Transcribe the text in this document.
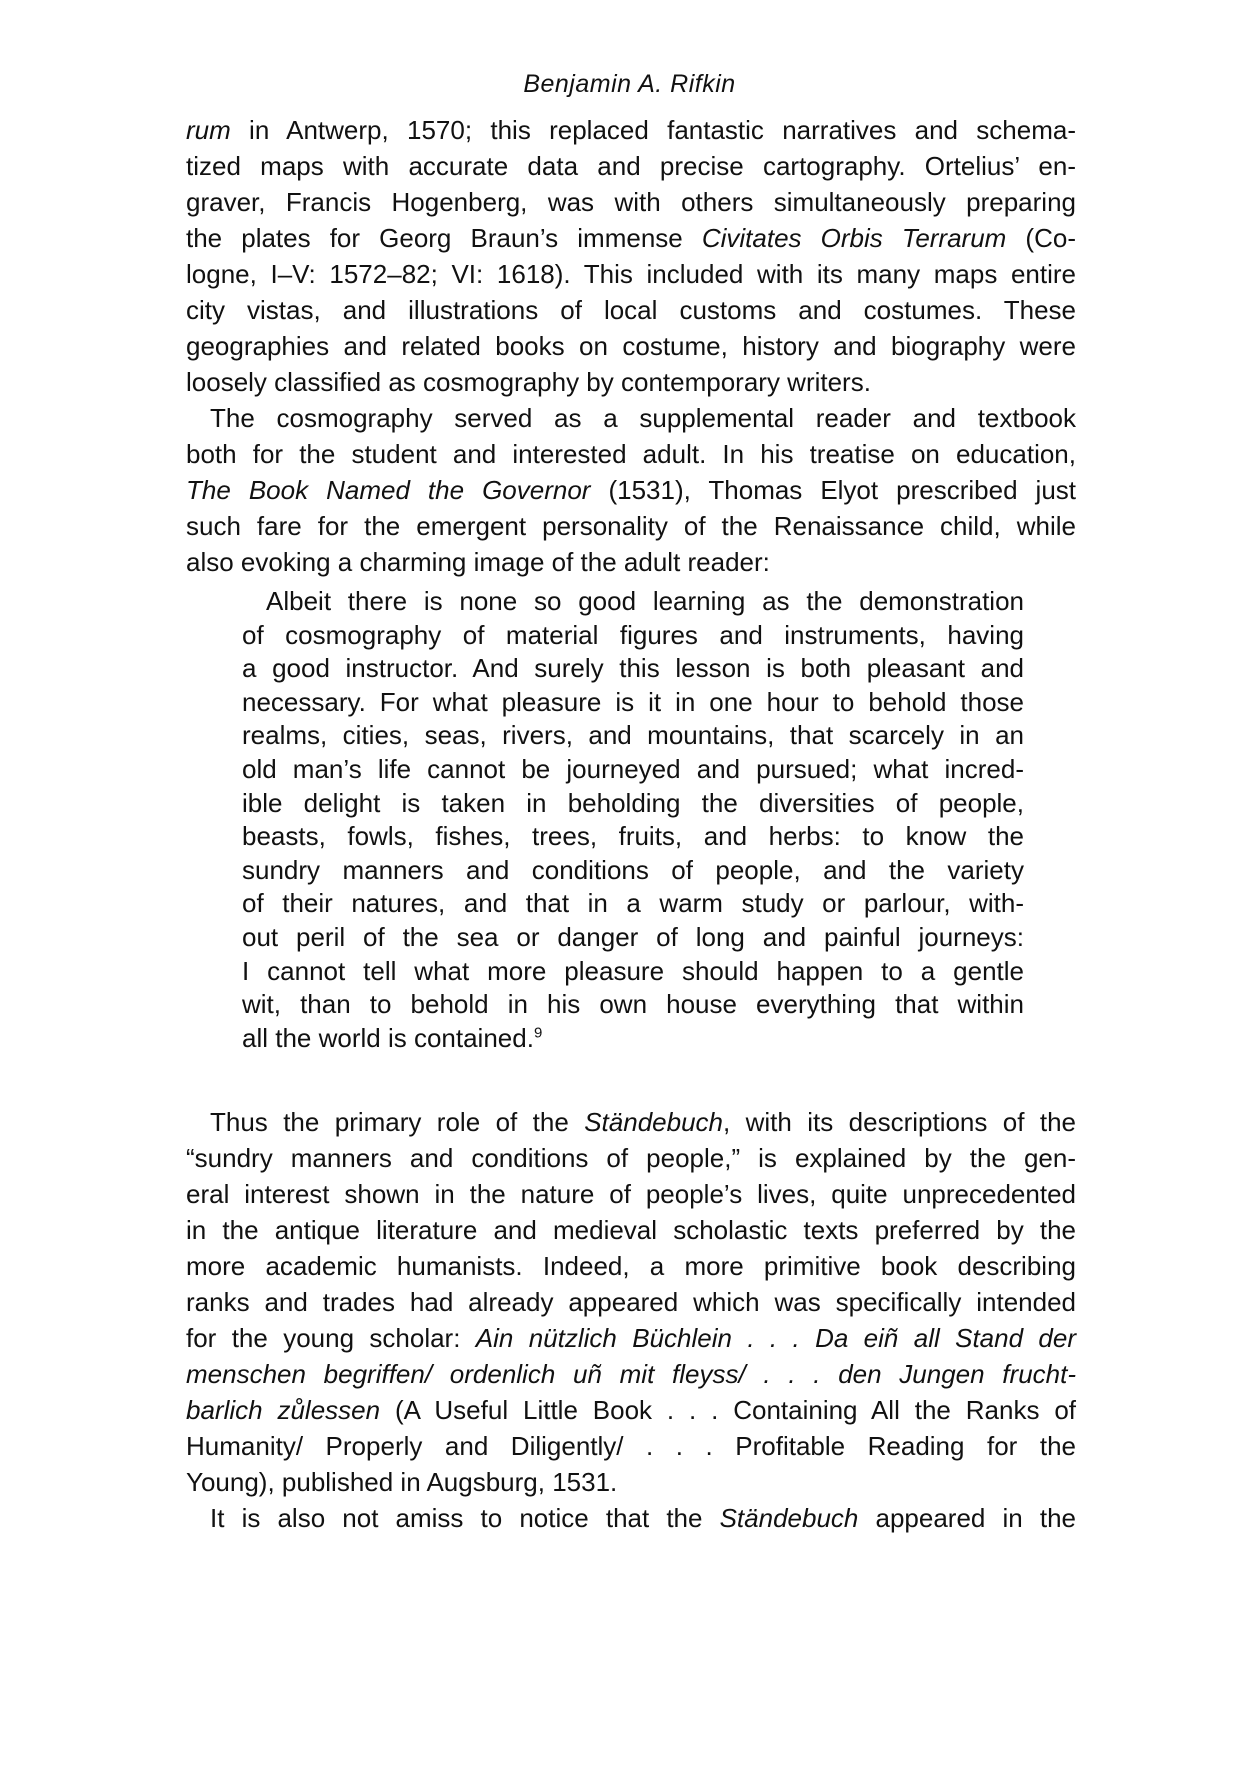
Benjamin A. Rifkin
rum in Antwerp, 1570; this replaced fantastic narratives and schema-
tized maps with accurate data and precise cartography. Ortelius’ en-
graver, Francis Hogenberg, was with others simultaneously preparing
the plates for Georg Braun’s immense Civitates Orbis Terrarum (Co-
logne, I–V: 1572–82; VI: 1618). This included with its many maps entire
city vistas, and illustrations of local customs and costumes. These
geographies and related books on costume, history and biography were
loosely classified as cosmography by contemporary writers.
The cosmography served as a supplemental reader and textbook
both for the student and interested adult. In his treatise on education,
The Book Named the Governor (1531), Thomas Elyot prescribed just
such fare for the emergent personality of the Renaissance child, while
also evoking a charming image of the adult reader:
Albeit there is none so good learning as the demonstration
of cosmography of material figures and instruments, having
a good instructor. And surely this lesson is both pleasant and
necessary. For what pleasure is it in one hour to behold those
realms, cities, seas, rivers, and mountains, that scarcely in an
old man’s life cannot be journeyed and pursued; what incred-
ible delight is taken in beholding the diversities of people,
beasts, fowls, fishes, trees, fruits, and herbs: to know the
sundry manners and conditions of people, and the variety
of their natures, and that in a warm study or parlour, with-
out peril of the sea or danger of long and painful journeys:
I cannot tell what more pleasure should happen to a gentle
wit, than to behold in his own house everything that within
all the world is contained.$^9$
Thus the primary role of the Ständebuch, with its descriptions of the
“sundry manners and conditions of people,” is explained by the gen-
eral interest shown in the nature of people’s lives, quite unprecedented
in the antique literature and medieval scholastic texts preferred by the
more academic humanists. Indeed, a more primitive book describing
ranks and trades had already appeared which was specifically intended
for the young scholar: Ain nützlich Büchlein . . . Da eiñ all Stand der
menschen begriffen/ ordenlich uñ mit fleyss/ . . . den Jungen frucht-
barlich zůlessen (A Useful Little Book . . . Containing All the Ranks of
Humanity/ Properly and Diligently/ . . . Profitable Reading for the
Young), published in Augsburg, 1531.
It is also not amiss to notice that the Ständebuch appeared in the
